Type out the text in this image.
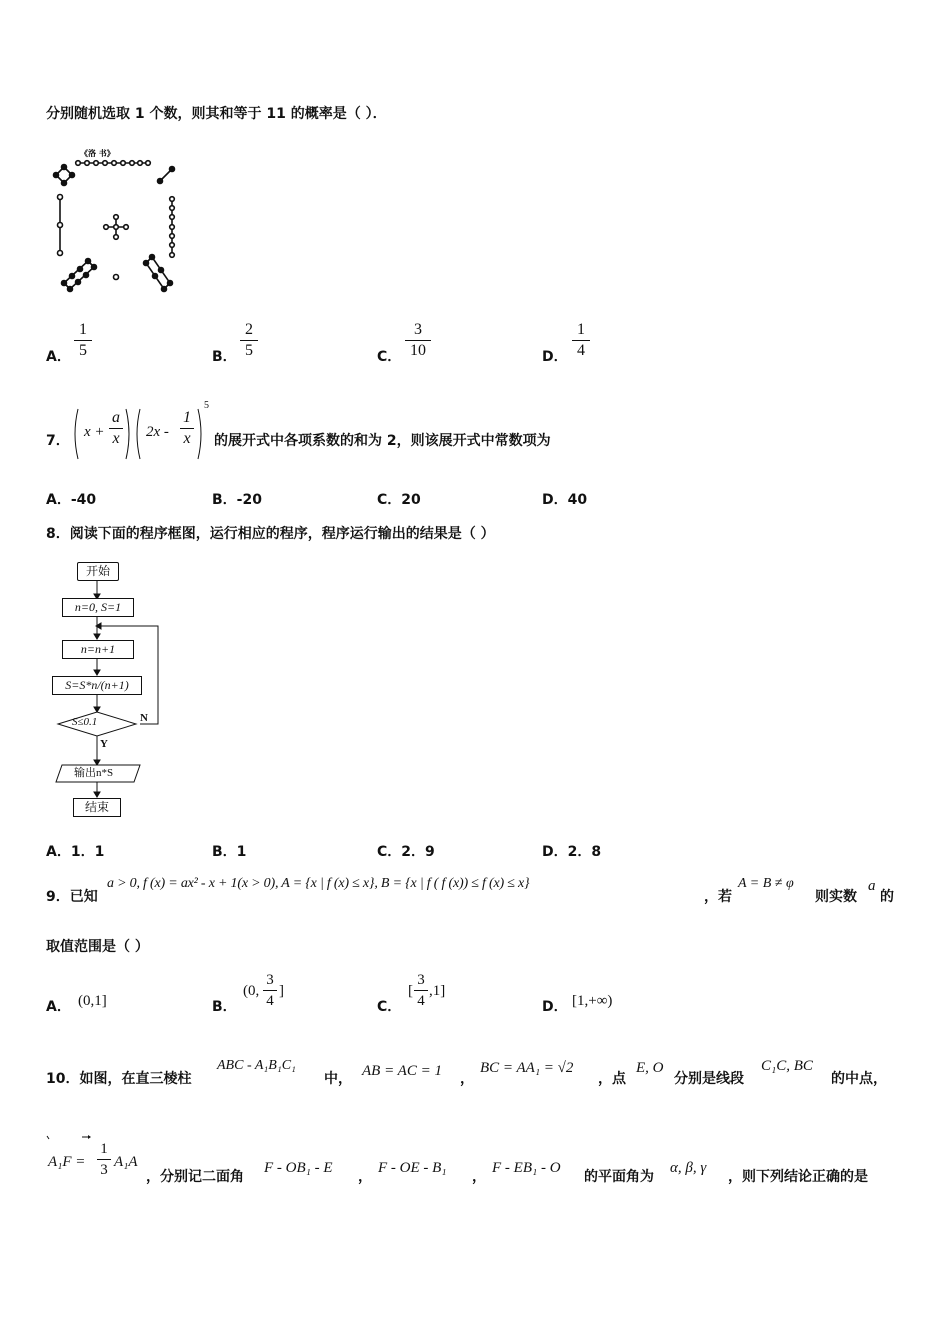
分别随机选取 1 个数，则其和等于 11 的概率是（ ）．
《洛 书》
A．
1
5	B．
2
5	C．
3
10	D．
1
4
7．
x +
a
x 2x -
1
x
5
的展开式中各项系数的和为 2，则该展开式中常数项为
A．-40	B．-20	C．20	D．40
8．阅读下面的程序框图，运行相应的程序，程序运行输出的结果是（ ）
开始
n=0, S=1
n=n+1
S≤0.1
S=S*n/(n+1)
N
Y
输出n*S
结束
A．1．1	B．1	C．2．9	D．2．8
9．已知
a > 0, f (x) = ax² - x + 1(x > 0), A = {x | f (x) ≤ x}, B = {x | f ( f (x)) ≤ f (x) ≤ x}
，若
A = B ≠ φ
则实数
a
的
取值范围是（ ）
A． (0,1]	B．
(0,
3
4
]
C．
[
3
4
,1]
D． [1,+∞)
10．如图，在直三棱柱
ABC - A₁B₁C₁
中， AB = AC = 1 ，
BC = AA₁ = √2
，点
E, O
分别是线段
C₁C, BC
的中点，
A₁F =
1
3 A₁A
，分别记二面角
F - OB₁ - E
，
F - OE - B₁
，
F - EB₁ - O
的平面角为
α, β, γ
，则下列结论正确的是
